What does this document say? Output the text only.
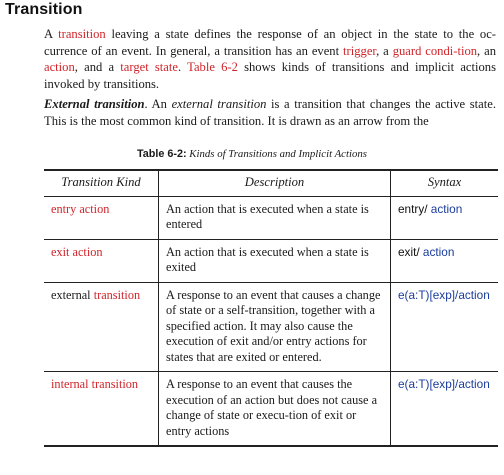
Transition

A transition leaving a state defines the response of an object in the state to the oc-currence of an event. In general, a transition has an event trigger, a guard condi-tion, an action, and a target state. Table 6-2 shows kinds of transitions and implicit actions invoked by transitions.

External transition. An external transition is a transition that changes the active state. This is the most common kind of transition. It is drawn as an arrow from the

Table 6-2: Kinds of Transitions and Implicit Actions
Transition Kind	Description	Syntax
entry action	An action that is executed when a state is entered	entry/ action
exit action	An action that is executed when a state is exited	exit/ action
external transition	A response to an event that causes a change of state or a self-transition, together with a specified action. It may also cause the execution of exit and/or entry actions for states that are exited or entered.	e(a:T)[exp]/action
internal transition	A response to an event that causes the execution of an action but does not cause a change of state or execu-tion of exit or entry actions	e(a:T)[exp]/action
